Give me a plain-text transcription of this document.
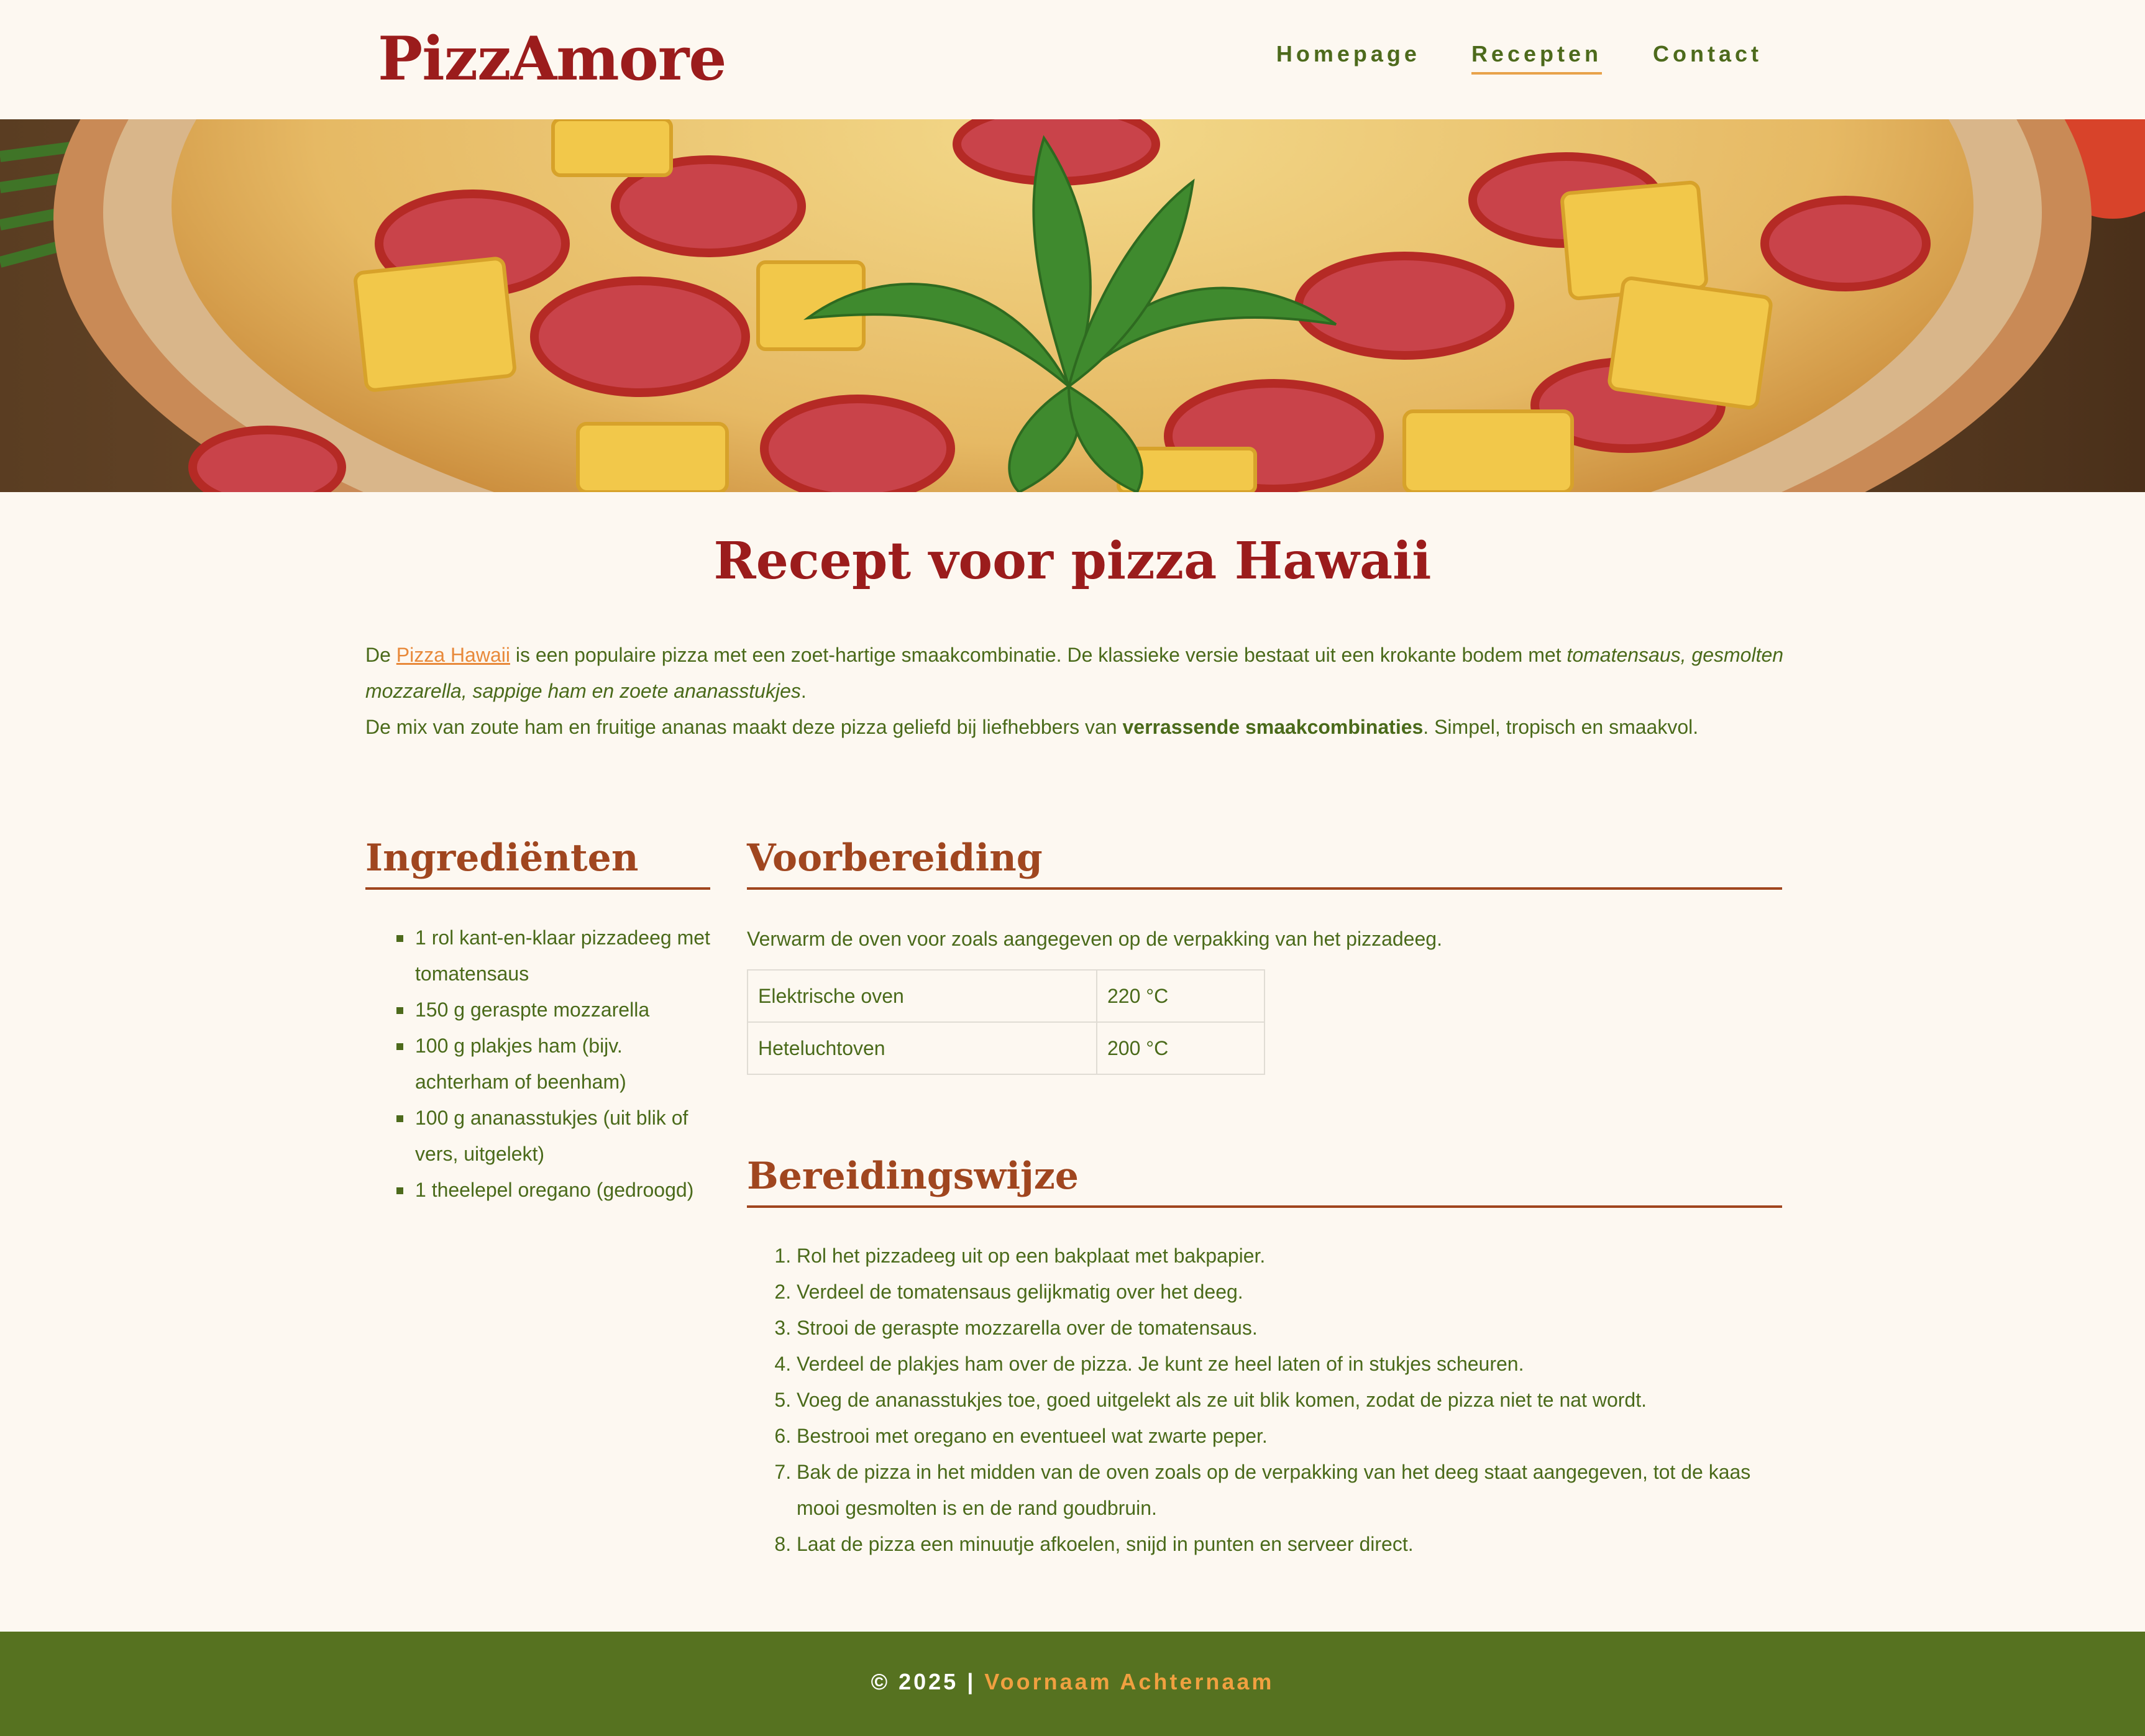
PizzAmore	Homepage Recepten Contact
Recept voor pizza Hawaii

De Pizza Hawaii is een populaire pizza met een zoet-hartige smaakcombinatie. De klassieke versie bestaat uit een krokante bodem met tomatensaus, gesmolten mozzarella, sappige ham en zoete ananasstukjes.
De mix van zoute ham en fruitige ananas maakt deze pizza geliefd bij liefhebbers van verrassende smaakcombinaties. Simpel, tropisch en smaakvol.

Ingrediënten
1 rol kant-en-klaar pizzadeeg met tomatensaus
150 g geraspte mozzarella
100 g plakjes ham (bijv. achterham of beenham)
100 g ananasstukjes (uit blik of vers, uitgelekt)
1 theelepel oregano (gedroogd)
Voorbereiding

Verwarm de oven voor zoals aangegeven op de verpakking van het pizzadeeg.

Elektrische oven	220 °C
Heteluchtoven	200 °C
Bereidingswijze
1. Rol het pizzadeeg uit op een bakplaat met bakpapier.
2. Verdeel de tomatensaus gelijkmatig over het deeg.
3. Strooi de geraspte mozzarella over de tomatensaus.
4. Verdeel de plakjes ham over de pizza. Je kunt ze heel laten of in stukjes scheuren.
5. Voeg de ananasstukjes toe, goed uitgelekt als ze uit blik komen, zodat de pizza niet te nat wordt.
6. Bestrooi met oregano en eventueel wat zwarte peper.
7. Bak de pizza in het midden van de oven zoals op de verpakking van het deeg staat aangegeven, tot de kaas mooi gesmolten is en de rand goudbruin.
8. Laat de pizza een minuutje afkoelen, snijd in punten en serveer direct.

© 2025 | Voornaam Achternaam
